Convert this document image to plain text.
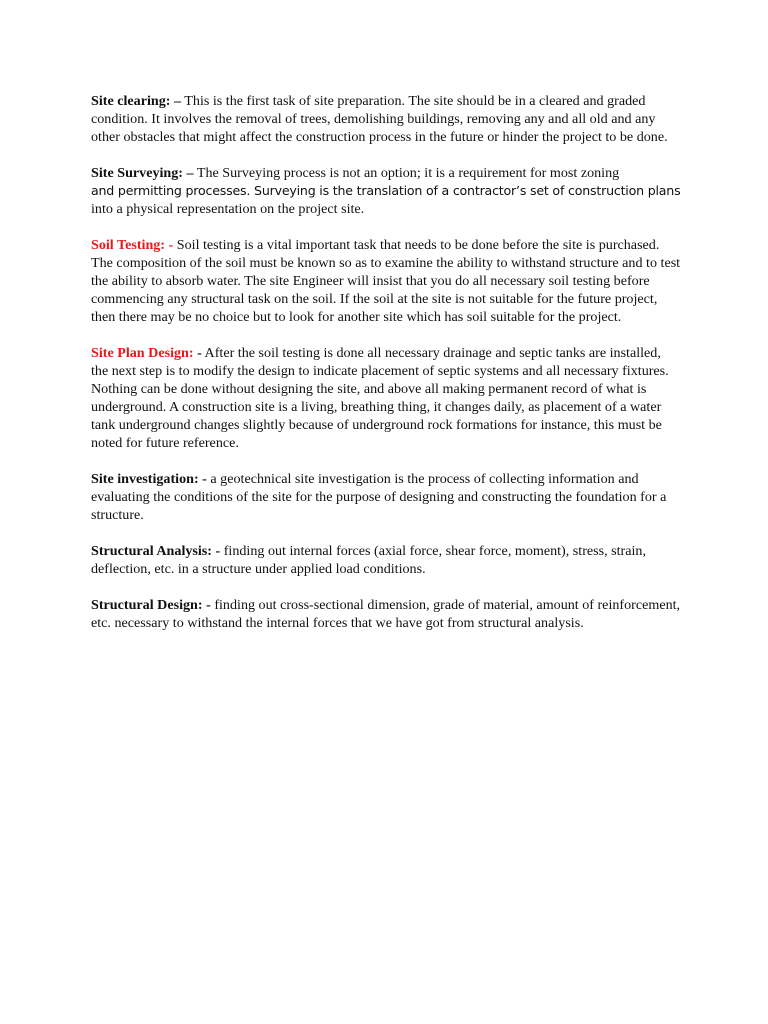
Site clearing: – This is the first task of site preparation. The site should be in a cleared and graded condition. It involves the removal of trees, demolishing buildings, removing any and all old and any other obstacles that might affect the construction process in the future or hinder the project to be done.

Site Surveying: – The Surveying process is not an option; it is a requirement for most zoning
and permitting processes. Surveying is the translation of a contractor’s set of construction plans
into a physical representation on the project site.

Soil Testing: - Soil testing is a vital important task that needs to be done before the site is purchased. The composition of the soil must be known so as to examine the ability to withstand structure and to test the ability to absorb water. The site Engineer will insist that you do all necessary soil testing before commencing any structural task on the soil. If the soil at the site is not suitable for the future project, then there may be no choice but to look for another site which has soil suitable for the project.

Site Plan Design: - After the soil testing is done all necessary drainage and septic tanks are installed, the next step is to modify the design to indicate placement of septic systems and all necessary fixtures. Nothing can be done without designing the site, and above all making permanent record of what is underground. A construction site is a living, breathing thing, it changes daily, as placement of a water tank underground changes slightly because of underground rock formations for instance, this must be noted for future reference.

Site investigation: - a geotechnical site investigation is the process of collecting information and evaluating the conditions of the site for the purpose of designing and constructing the foundation for a structure.

Structural Analysis: - finding out internal forces (axial force, shear force, moment), stress, strain, deflection, etc. in a structure under applied load conditions.

Structural Design: - finding out cross-sectional dimension, grade of material, amount of reinforcement, etc. necessary to withstand the internal forces that we have got from structural analysis.
